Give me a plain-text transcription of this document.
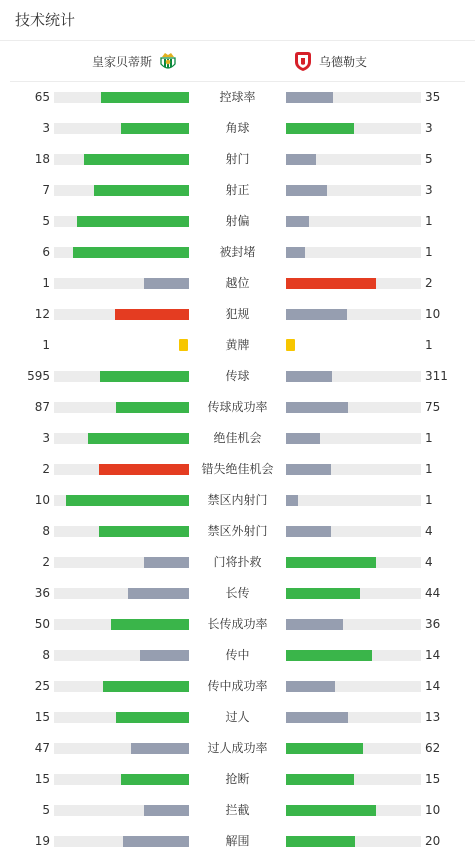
技术统计
皇家贝蒂斯	乌德勒支
65	控球率	35
3	角球	3
18	射门	5
7	射正	3
5	射偏	1
6	被封堵	1
1	越位	2
12	犯规	10
1	黄牌	1
595	传球	311
87	传球成功率	75
3	绝佳机会	1
2	错失绝佳机会	1
10	禁区内射门	1
8	禁区外射门	4
2	门将扑救	4
36	长传	44
50	长传成功率	36
8	传中	14
25	传中成功率	14
15	过人	13
47	过人成功率	62
15	抢断	15
5	拦截	10
19	解围	20
